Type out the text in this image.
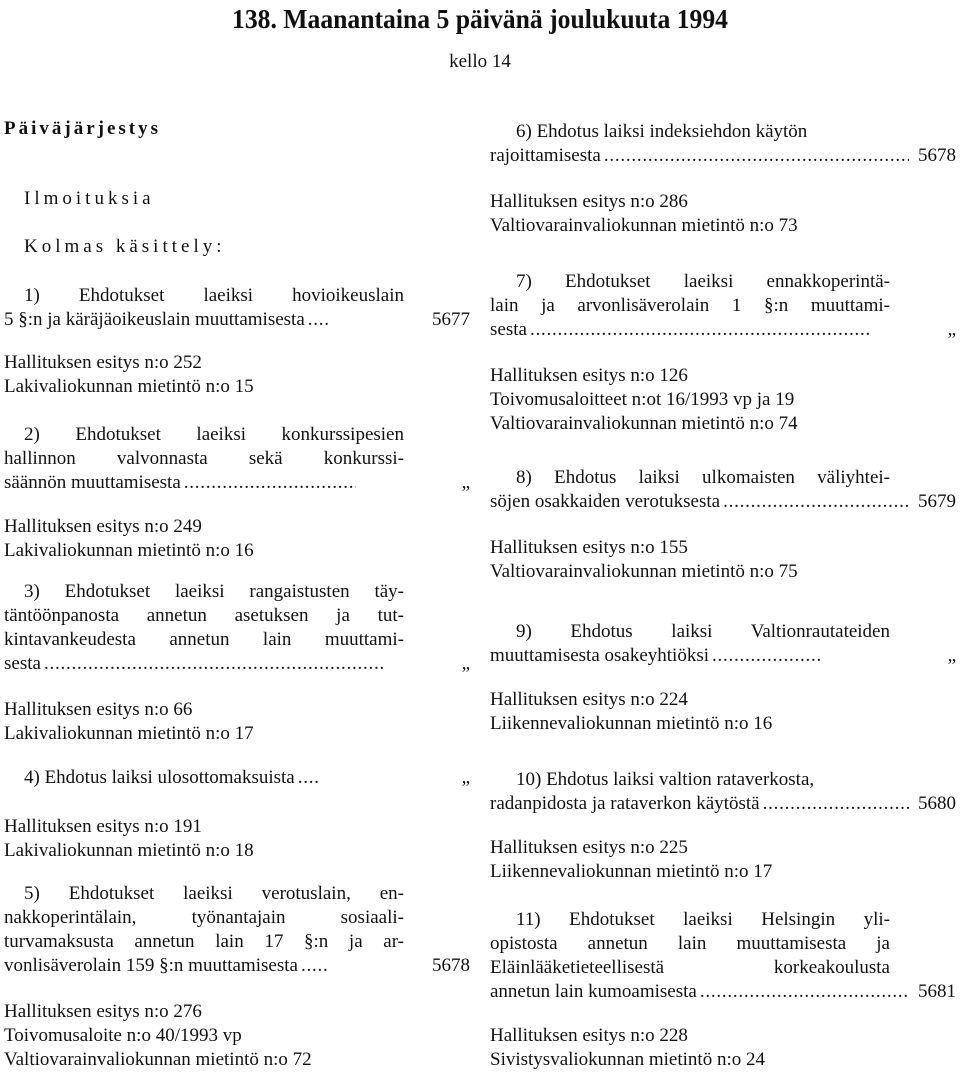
138. Maanantaina 5 päivänä joulukuuta 1994
kello 14
Päiväjärjestys
Ilmoituksia
Kolmas käsittely:
1) Ehdotukset laeiksi hovioikeuslain
5 §:n ja käräjäoikeuslain muuttamisesta . . .	5677
Hallituksen esitys n:o 252
Lakivaliokunnan mietintö n:o 15
2) Ehdotukset laeiksi konkurssipesien
hallinnon valvonnasta sekä konkurssi-
säännön muuttamisesta . . .	„
Hallituksen esitys n:o 249
Lakivaliokunnan mietintö n:o 16
3) Ehdotukset laeiksi rangaistusten täy-
täntöönpanosta annetun asetuksen ja tut-
kintavankeudesta annetun lain muuttami-
sesta . . .	„
Hallituksen esitys n:o 66
Lakivaliokunnan mietintö n:o 17
4) Ehdotus laiksi ulosottomaksuista . . .	„
Hallituksen esitys n:o 191
Lakivaliokunnan mietintö n:o 18
5) Ehdotukset laeiksi verotuslain, en-
nakkoperintälain, työnantajain sosiaali-
turvamaksusta annetun lain 17 §:n ja ar-
vonlisäverolain 159 §:n muuttamisesta . . .	5678
Hallituksen esitys n:o 276
Toivomusaloite n:o 40/1993 vp
Valtiovarainvaliokunnan mietintö n:o 72
6) Ehdotus laiksi indeksiehdon käytön
rajoittamisesta . . .	5678
Hallituksen esitys n:o 286
Valtiovarainvaliokunnan mietintö n:o 73
7) Ehdotukset laeiksi ennakkoperintä-
lain ja arvonlisäverolain 1 §:n muuttami-
sesta . . .	„
Hallituksen esitys n:o 126
Toivomusaloitteet n:ot 16/1993 vp ja 19
Valtiovarainvaliokunnan mietintö n:o 74
8) Ehdotus laiksi ulkomaisten väliyhtei-
söjen osakkaiden verotuksesta . . .	5679
Hallituksen esitys n:o 155
Valtiovarainvaliokunnan mietintö n:o 75
9) Ehdotus laiksi Valtionrautateiden
muuttamisesta osakeyhtiöksi . . .	„
Hallituksen esitys n:o 224
Liikennevaliokunnan mietintö n:o 16
10) Ehdotus laiksi valtion rataverkosta,
radanpidosta ja rataverkon käytöstä . . .	5680
Hallituksen esitys n:o 225
Liikennevaliokunnan mietintö n:o 17
11) Ehdotukset laeiksi Helsingin yli-
opistosta annetun lain muuttamisesta ja
Eläinlääketieteellisestä korkeakoulusta
annetun lain kumoamisesta . . .	5681
Hallituksen esitys n:o 228
Sivistysvaliokunnan mietintö n:o 24
